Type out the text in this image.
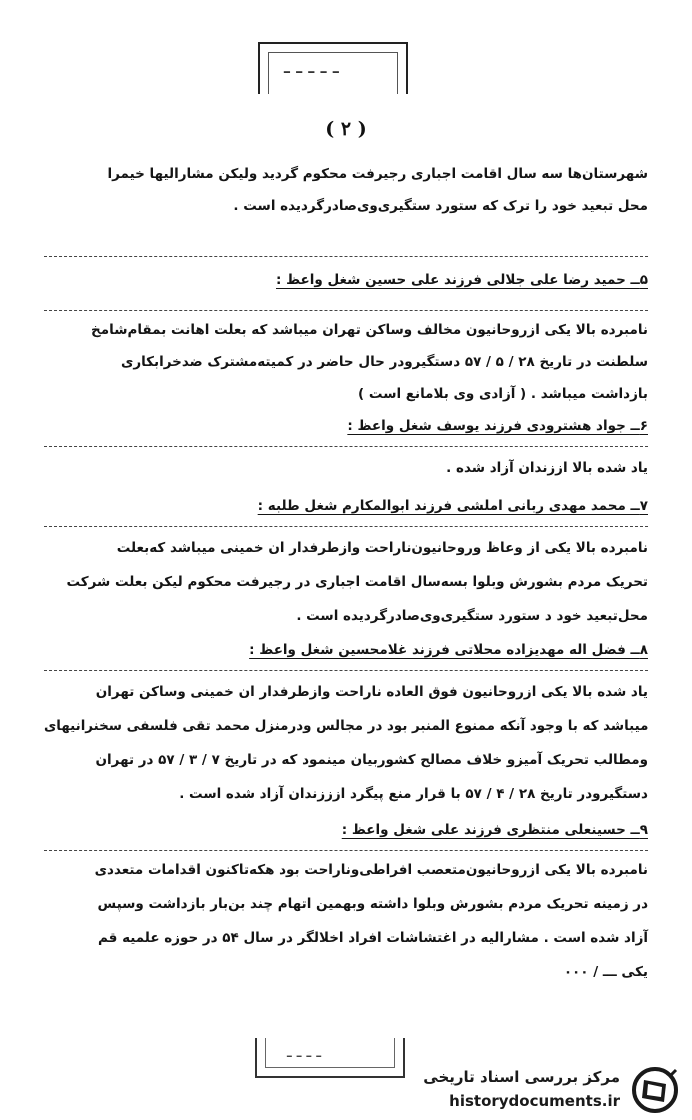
ـ ـ ـ ـ ـ
( ۲ )
شهرستان‌ها سه سال اقامت اجباری رجیرفت محکوم گردید ولیکن مشارالیها خیمرا
محل تبعید خود را ترک که ستورد ستگیری‌وی‌صادرگردیده است .
۵ــ حمید رضا علی جلالی فرزند علی حسین شغل واعظ :
نامبرده بالا یکی ازروحانیون مخالف وساکن تهران میباشد که بعلت اهانت بمقام‌شامخ
سلطنت در تاریخ ۲۸ / ۵ / ۵۷ دستگیرودر حال حاضر در کمیته‌مشترک ضدخرابکاری
بازداشت میباشد . ( آزادی وی بلامانع است )
۶ــ جواد هشترودی فرزند یوسف شغل واعظ :
یاد شده بالا اززندان آزاد شده .
۷ــ محمد مهدی ربانی املشی فرزند ابوالمکارم شغل طلبه :
نامبرده بالا یکی از وعاظ وروحانیون‌ناراحت وازطرفدار ان خمینی میباشد که‌بعلت
تحریک مردم بشورش وبلوا بسه‌سال اقامت اجباری در رجیرفت محکوم لیکن بعلت شرکت
محل‌تبعید خود د ستورد ستگیری‌وی‌صادرگردیده است .
۸ــ فضل اله مهدیزاده محلاتی فرزند غلامحسین شغل واعظ :
یاد شده بالا یکی ازروحانیون فوق العاده ناراحت وازطرفدار ان خمینی وساکن تهران
میباشد که با وجود آنکه ممنوع المنبر بود در مجالس ودرمنزل محمد تقی فلسفی سخنرانیهای
ومطالب تحریک آمیزو خلاف مصالح کشوربیان مینمود که در تاریخ ۷ / ۳ / ۵۷ در تهران
دستگیرودر تاریخ ۲۸ / ۴ / ۵۷ با قرار منع پیگرد ازززندان آزاد شده است .
۹ــ حسینعلی منتظری فرزند علی شغل واعظ :
نامبرده بالا یکی ازروحانیون‌متعصب افراطی‌وناراحت بود هکه‌تاکنون اقدامات متعددی
در زمینه تحریک مردم بشورش وبلوا داشته وبهمین اتهام چند بن‌بار بازداشت وسپس
آزاد شده است . مشارالیه در اغتشاشات افراد اخلالگر در سال ۵۴ در حوزه علمیه قم
یکی ـــ / ۰۰۰
ـ ـ ـ ـ
مرکز بررسی اسناد تاریخی
historydocuments.ir
